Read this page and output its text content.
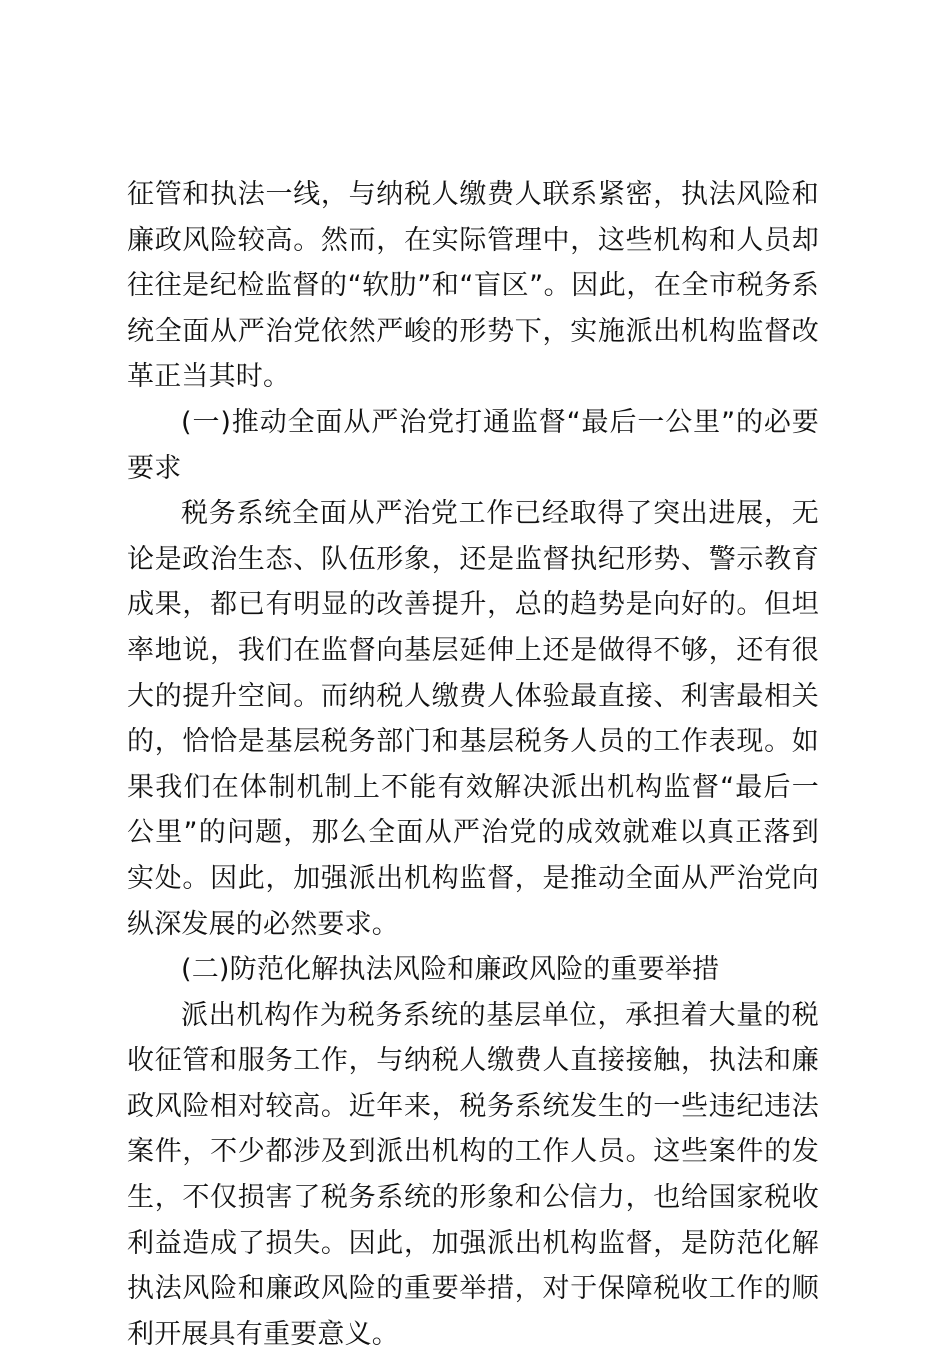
征管和执法一线，与纳税人缴费人联系紧密，执法风险和廉政风险较高。然而，在实际管理中，这些机构和人员却往往是纪检监督的“软肋”和“盲区”。因此，在全市税务系统全面从严治党依然严峻的形势下，实施派出机构监督改革正当其时。

(一)推动全面从严治党打通监督“最后一公里”的必要要求

税务系统全面从严治党工作已经取得了突出进展，无论是政治生态、队伍形象，还是监督执纪形势、警示教育成果，都已有明显的改善提升，总的趋势是向好的。但坦率地说，我们在监督向基层延伸上还是做得不够，还有很大的提升空间。而纳税人缴费人体验最直接、利害最相关的，恰恰是基层税务部门和基层税务人员的工作表现。如果我们在体制机制上不能有效解决派出机构监督“最后一公里”的问题，那么全面从严治党的成效就难以真正落到实处。因此，加强派出机构监督，是推动全面从严治党向纵深发展的必然要求。

(二)防范化解执法风险和廉政风险的重要举措

派出机构作为税务系统的基层单位，承担着大量的税收征管和服务工作，与纳税人缴费人直接接触，执法和廉政风险相对较高。近年来，税务系统发生的一些违纪违法案件，不少都涉及到派出机构的工作人员。这些案件的发生，不仅损害了税务系统的形象和公信力，也给国家税收利益造成了损失。因此，加强派出机构监督，是防范化解执法风险和廉政风险的重要举措，对于保障税收工作的顺利开展具有重要意义。
